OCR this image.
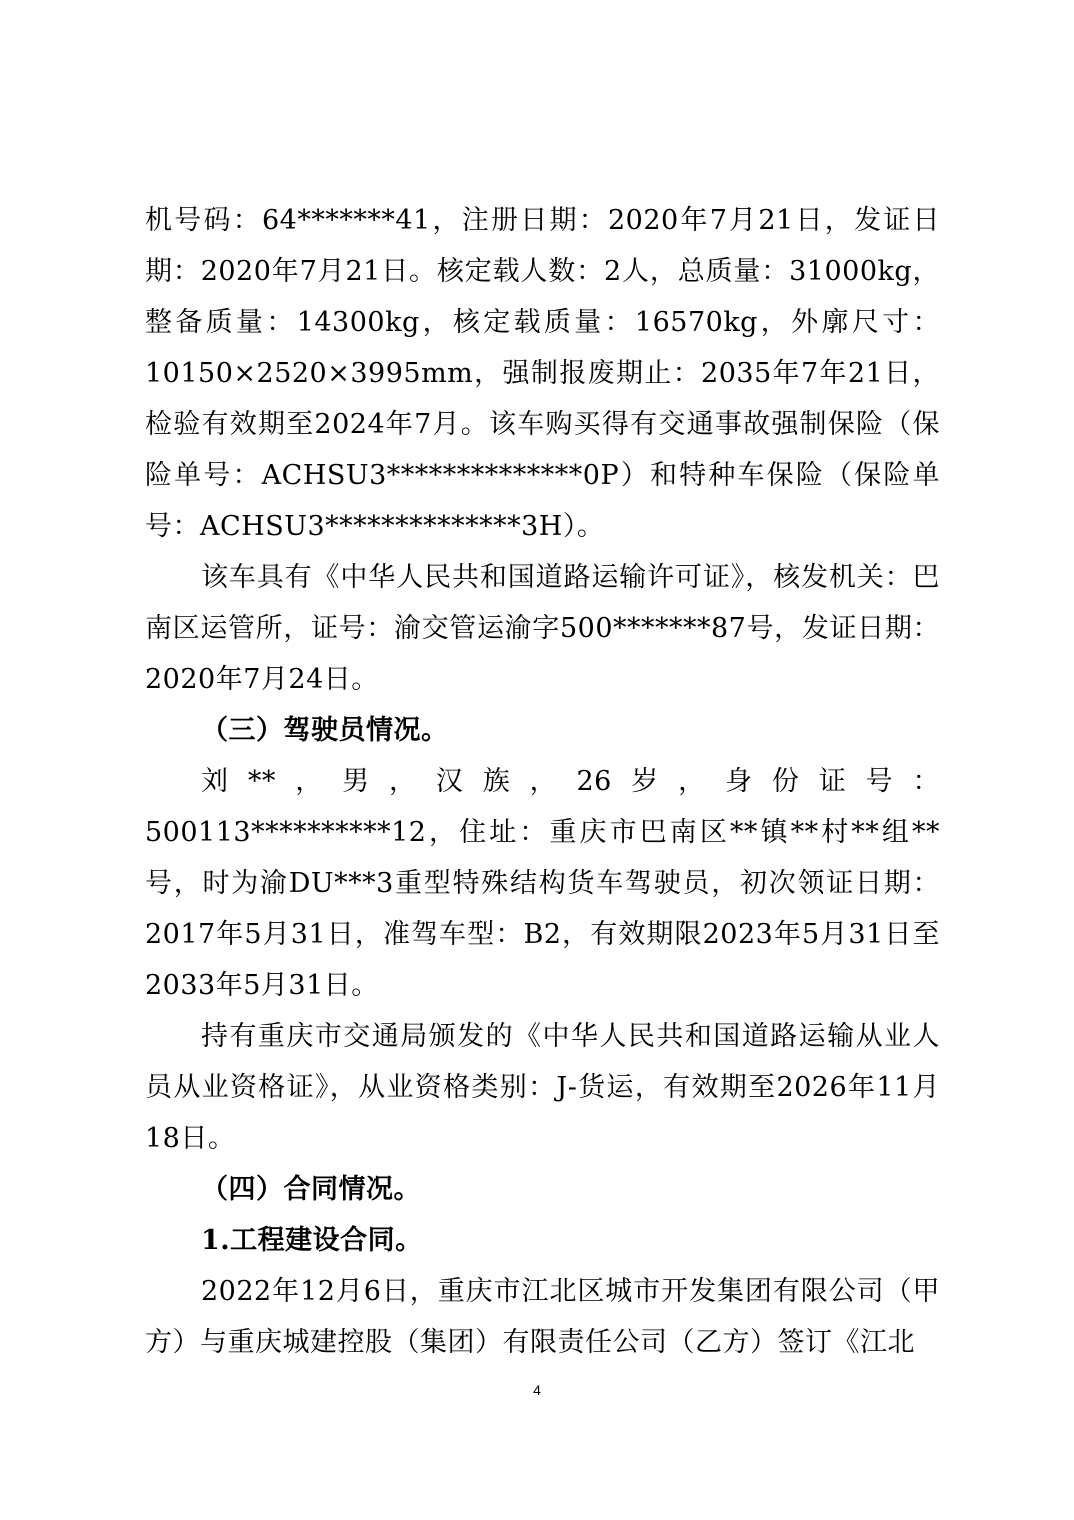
机号码：64*******41，注册日期：2020年7月21日，发证日期：2020年7月21日。核定载人数：2人，总质量：31000kg，整备质量：14300kg，核定载质量：16570kg，外廓尺寸：10150×2520×3995mm，强制报废期止：2035年7年21日，检验有效期至2024年7月。该车购买得有交通事故强制保险（保险单号：ACHSU3**************0P）和特种车保险（保险单号：ACHSU3**************3H）。

该车具有《中华人民共和国道路运输许可证》，核发机关：巴南区运管所，证号：渝交管运渝字500*******87号，发证日期：2020年7月24日。

（三）驾驶员情况。

刘**，男，汉族，26岁，身份证号：500113**********12，住址：重庆市巴南区**镇**村**组**号，时为渝DU***3重型特殊结构货车驾驶员，初次领证日期：2017年5月31日，准驾车型：B2，有效期限2023年5月31日至2033年5月31日。

持有重庆市交通局颁发的《中华人民共和国道路运输从业人员从业资格证》，从业资格类别：J-货运，有效期至2026年11月18日。

（四）合同情况。

1.工程建设合同。

2022年12月6日，重庆市江北区城市开发集团有限公司（甲方）与重庆城建控股（集团）有限责任公司（乙方）签订《江北

4
